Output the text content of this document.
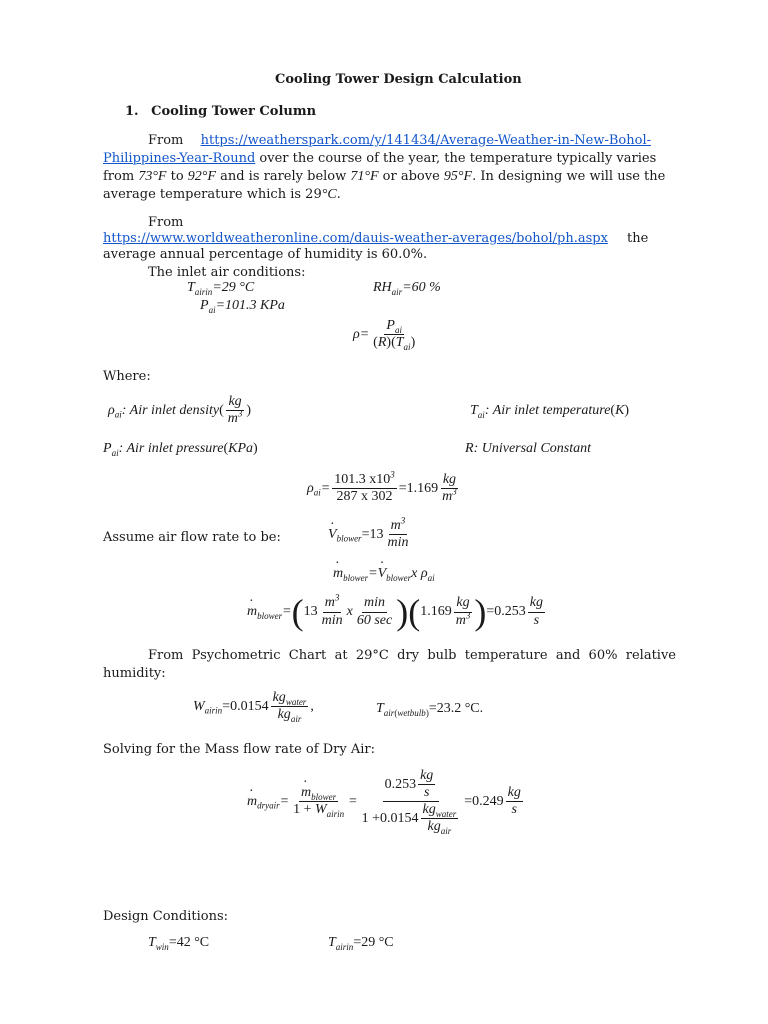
Cooling Tower Design Calculation
1. Cooling Tower Column
From https://weatherspark.com/y/141434/Average-Weather-in-New-Bohol-
Philippines-Year-Round over the course of the year, the temperature typically varies
from 73°F to 92°F and is rarely below 71°F or above 95°F. In designing we will use the
average temperature which is 29°C.
From
https://www.worldweatheronline.com/dauis-weather-averages/bohol/ph.aspx the
average annual percentage of humidity is 60.0%.
The inlet air conditions:
$T_{airin}=29$ °C	$RH_{air}=60$ %
$P_{ai}=101.3$ KPa
$\rho= \frac{P_{ai}}{(R)(T_{ai})}$
Where:
$\rho_{ai}$: Air inlet density( $\frac{kg}{m^3}$ )	$T_{ai}$: Air inlet temperature(K)
$P_{ai}$: Air inlet pressure(KPa)	R: Universal Constant
$\rho_{ai}= \frac{101.3 x10^3}{287 x 302} =1.169 \frac{kg}{m^3}$
Assume air flow rate to be:
·	$V_{blower}=13 \frac{m^3}{\min}$
· $m_{blower}=\cdot V_{blower}x$ $\rho_{ai}$
· $m_{blower}=(13 \frac{m^3}{\min}$ x $\frac{\min}{60 \sec} )(1.169 \frac{kg}{m^3} )=0.253 \frac{kg}{s}$
From Psychometric Chart at 29°C dry bulb temperature and 60% relative
humidity:
$W_{airin}=0.0154 \frac{kg_{water}}{kg_{air}}$ ,	$T_{air(wetbulb)}=23.2$ °C.
Solving for the Mass flow rate of Dry Air:
· $m_{dryair}=$
· $\frac{m_{blower}}{1 + W_{airin}} = \frac{0.253 \frac{kg}{s}}{1 +0.0154 \frac{kg_{water}}{kg_{air}}} =0.249 \frac{kg}{s}$
Design Conditions:
$T_{win}=42$ °C	$T_{airin}=29$ °C
